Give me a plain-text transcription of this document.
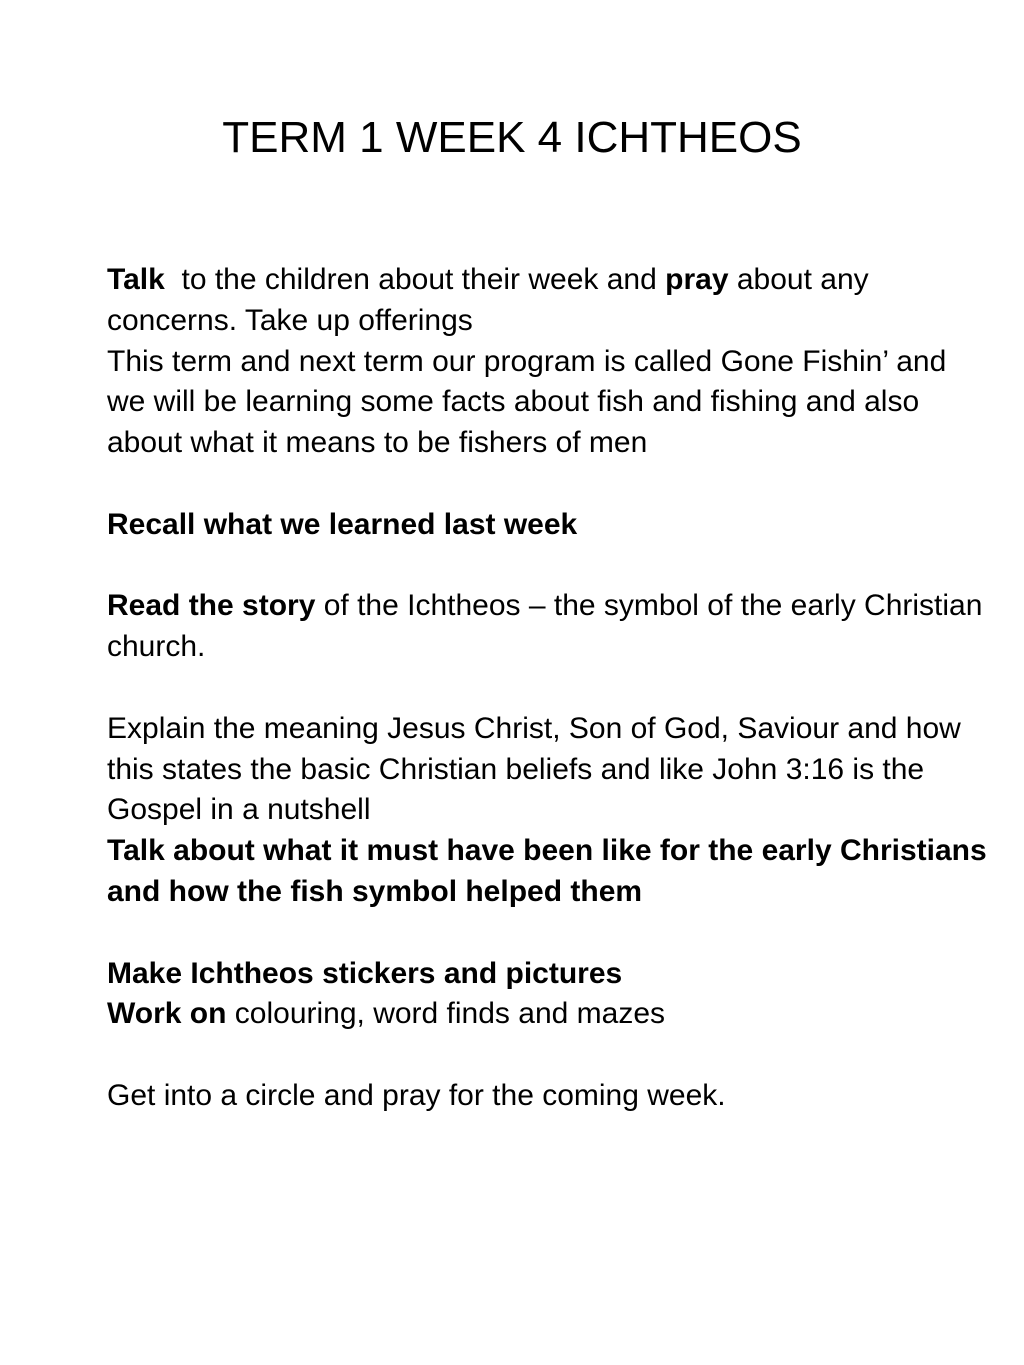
TERM 1 WEEK 4 ICHTHEOS

Talk  to the children about their week and pray about any concerns. Take up offerings

This term and next term our program is called Gone Fishin’ and we will be learning some facts about fish and fishing and also about what it means to be fishers of men

Recall what we learned last week

Read the story of the Ichtheos – the symbol of the early Christian church.

Explain the meaning Jesus Christ, Son of God, Saviour and how this states the basic Christian beliefs and like John 3:16 is the Gospel in a nutshell

Talk about what it must have been like for the early Christians and how the fish symbol helped them

Make Ichtheos stickers and pictures

Work on colouring, word finds and mazes

Get into a circle and pray for the coming week.
